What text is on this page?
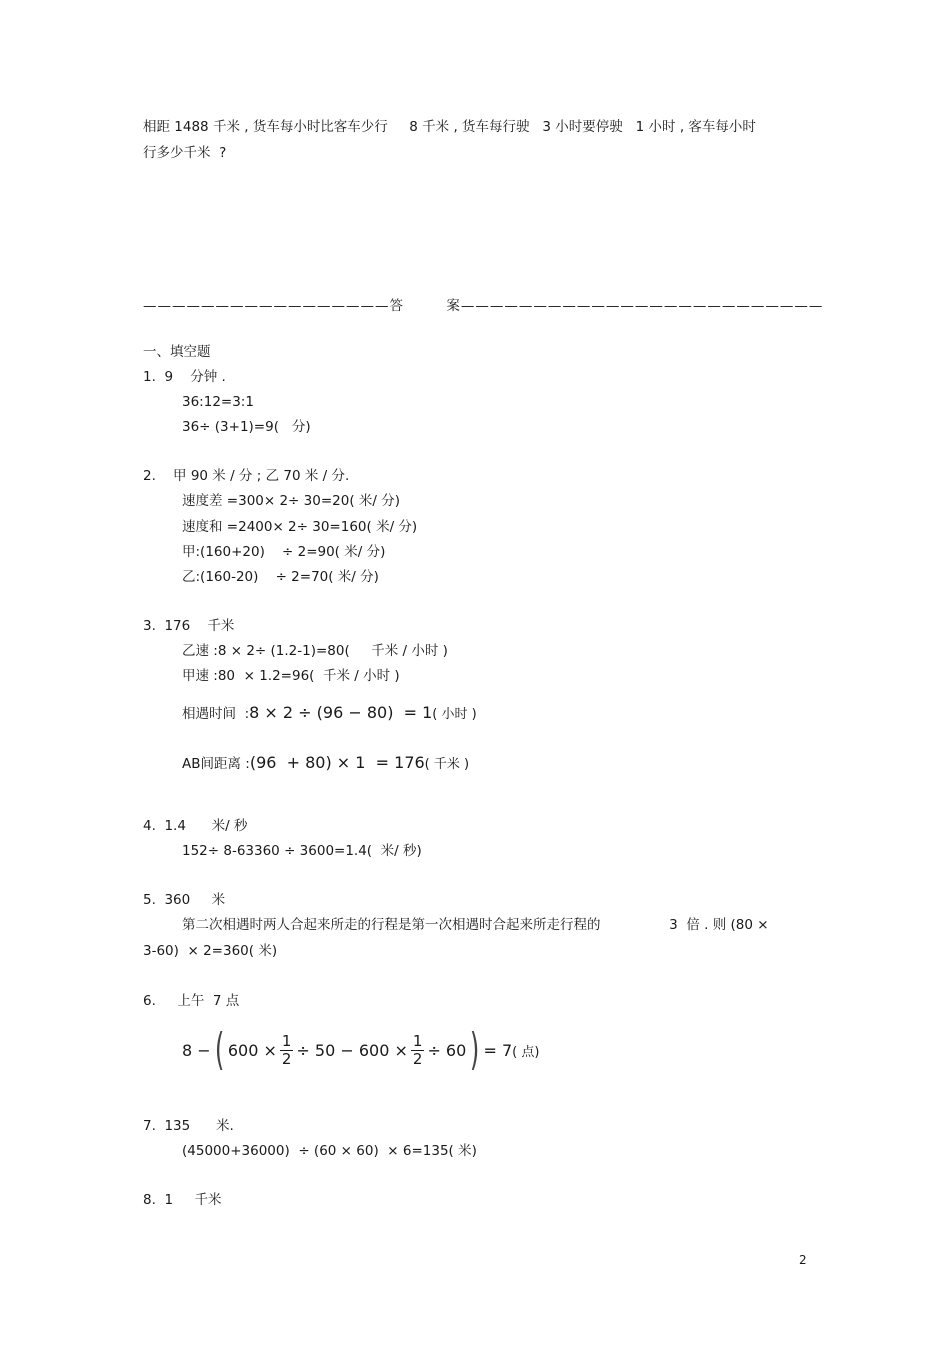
相距 1488 千米 , 货车每小时比客车少行     8 千米 , 货车每行驶   3 小时要停驶   1 小时 , 客车每小时
行多少千米  ?
—————————————————答        案—————————————————————————
一、填空题
1.  9    分钟 .
36:12=3:1
36÷ (3+1)=9(   分)
2.    甲 90 米 / 分 ; 乙 70 米 / 分.
速度差 =300× 2÷ 30=20( 米/ 分)
速度和 =2400× 2÷ 30=160( 米/ 分)
甲:(160+20)    ÷ 2=90( 米/ 分)
乙:(160-20)    ÷ 2=70( 米/ 分)
3.  176    千米
乙速 :8 × 2÷ (1.2-1)=80(     千米 / 小时 )
甲速 :80  × 1.2=96(  千米 / 小时 )
相遇时间  : 8 × 2 ÷ (96 − 80)  = 1 ( 小时 )
AB间距离 : (96  + 80) × 1  = 176 ( 千米 )
4.  1.4      米/ 秒
152÷ 8-63360 ÷ 3600=1.4(  米/ 秒)
5.  360     米
第二次相遇时两人合起来所走的行程是第一次相遇时合起来所走行程的                3  倍 . 则 (80 ×
3-60)  × 2=360( 米)
6.     上午  7 点
8 − ( $600 \times \frac{1}{2} \div 50 - 600 \times \frac{1}{2} \div 60$ ) = 7 ( 点)
7.  135      米.
(45000+36000)  ÷ (60 × 60)  × 6=135( 米)
8.  1     千米
2
